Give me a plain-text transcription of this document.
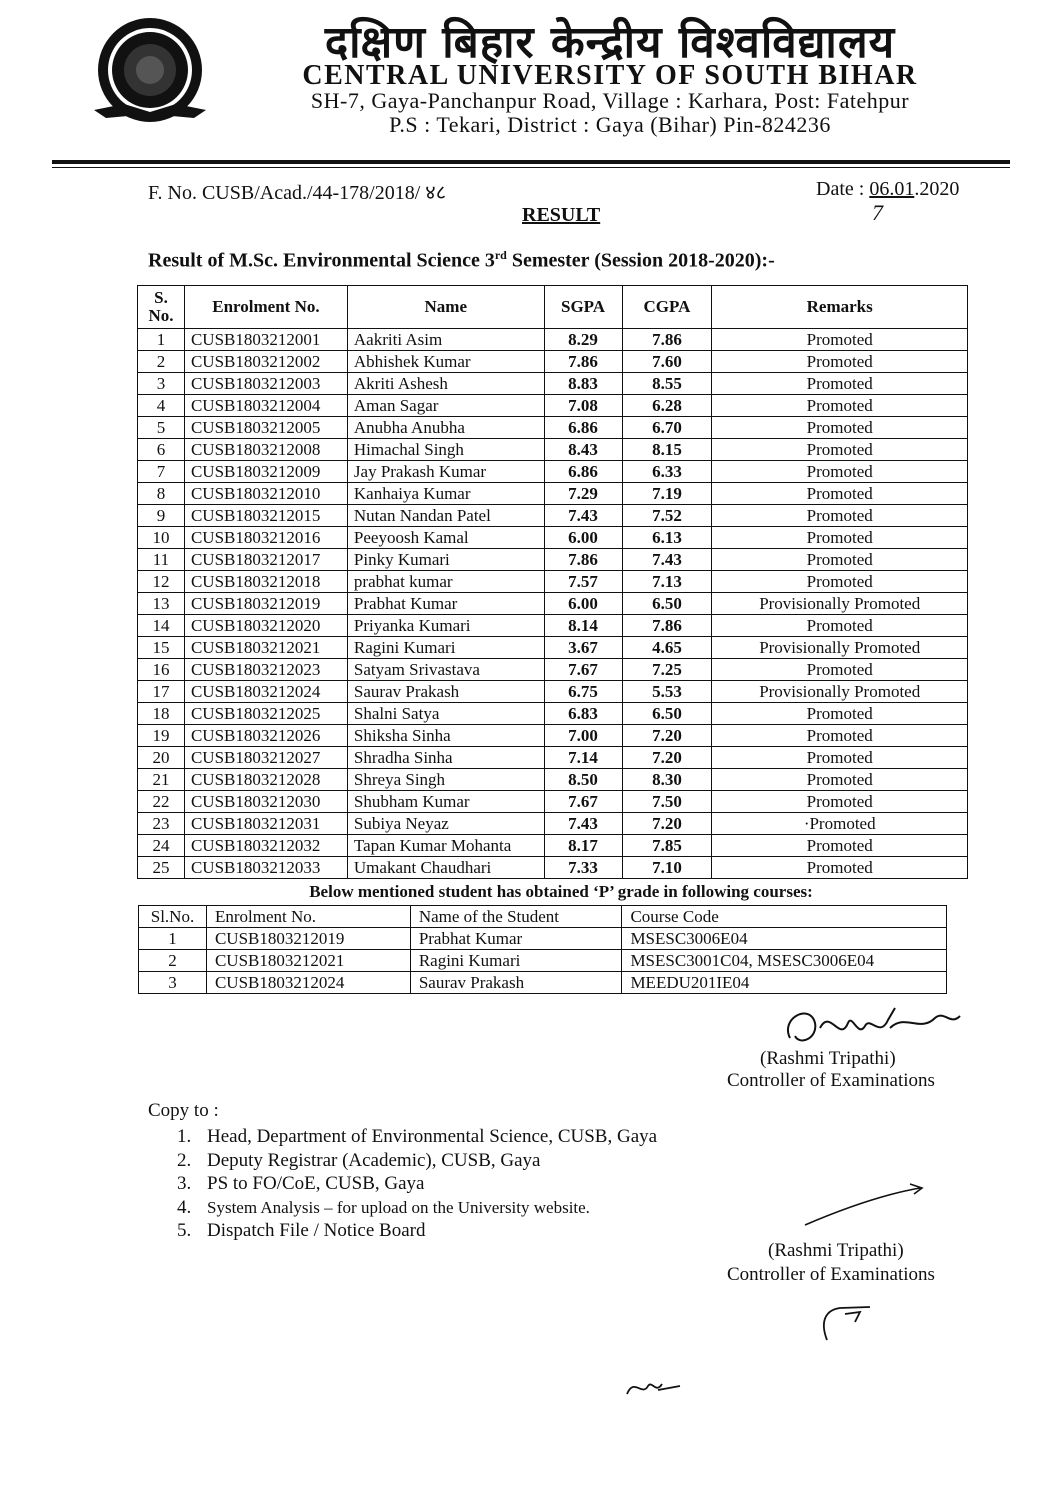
दक्षिण बिहार केन्द्रीय विश्वविद्यालय
CENTRAL UNIVERSITY OF SOUTH BIHAR
SH-7, Gaya-Panchanpur Road, Village : Karhara, Post: Fatehpur
P.S : Tekari, District : Gaya (Bihar) Pin-824236
F. No. CUSB/Acad./44-178/2018/ ४८	Date : 06.01.2020
7
RESULT
Result of M.Sc. Environmental Science 3rd Semester (Session 2018-2020):-
S. No.	Enrolment No.	Name	SGPA	CGPA	Remarks
1	CUSB1803212001	Aakriti Asim	8.29	7.86	Promoted
2	CUSB1803212002	Abhishek Kumar	7.86	7.60	Promoted
3	CUSB1803212003	Akriti Ashesh	8.83	8.55	Promoted
4	CUSB1803212004	Aman Sagar	7.08	6.28	Promoted
5	CUSB1803212005	Anubha Anubha	6.86	6.70	Promoted
6	CUSB1803212008	Himachal Singh	8.43	8.15	Promoted
7	CUSB1803212009	Jay Prakash Kumar	6.86	6.33	Promoted
8	CUSB1803212010	Kanhaiya Kumar	7.29	7.19	Promoted
9	CUSB1803212015	Nutan Nandan Patel	7.43	7.52	Promoted
10	CUSB1803212016	Peeyoosh Kamal	6.00	6.13	Promoted
11	CUSB1803212017	Pinky Kumari	7.86	7.43	Promoted
12	CUSB1803212018	prabhat kumar	7.57	7.13	Promoted
13	CUSB1803212019	Prabhat Kumar	6.00	6.50	Provisionally Promoted
14	CUSB1803212020	Priyanka Kumari	8.14	7.86	Promoted
15	CUSB1803212021	Ragini Kumari	3.67	4.65	Provisionally Promoted
16	CUSB1803212023	Satyam Srivastava	7.67	7.25	Promoted
17	CUSB1803212024	Saurav Prakash	6.75	5.53	Provisionally Promoted
18	CUSB1803212025	Shalni Satya	6.83	6.50	Promoted
19	CUSB1803212026	Shiksha Sinha	7.00	7.20	Promoted
20	CUSB1803212027	Shradha Sinha	7.14	7.20	Promoted
21	CUSB1803212028	Shreya Singh	8.50	8.30	Promoted
22	CUSB1803212030	Shubham Kumar	7.67	7.50	Promoted
23	CUSB1803212031	Subiya Neyaz	7.43	7.20	·Promoted
24	CUSB1803212032	Tapan Kumar Mohanta	8.17	7.85	Promoted
25	CUSB1803212033	Umakant Chaudhari	7.33	7.10	Promoted
Below mentioned student has obtained ‘P’ grade in following courses:
Sl.No.	Enrolment No.	Name of the Student	Course Code
1	CUSB1803212019	Prabhat Kumar	MSESC3006E04
2	CUSB1803212021	Ragini Kumari	MSESC3001C04, MSESC3006E04
3	CUSB1803212024	Saurav Prakash	MEEDU201IE04
(Rashmi Tripathi)
Controller of Examinations
Copy to :
1. Head, Department of Environmental Science, CUSB, Gaya
2. Deputy Registrar (Academic), CUSB, Gaya
3. PS to FO/CoE, CUSB, Gaya
4. System Analysis – for upload on the University website.
5. Dispatch File / Notice Board
(Rashmi Tripathi)
Controller of Examinations
